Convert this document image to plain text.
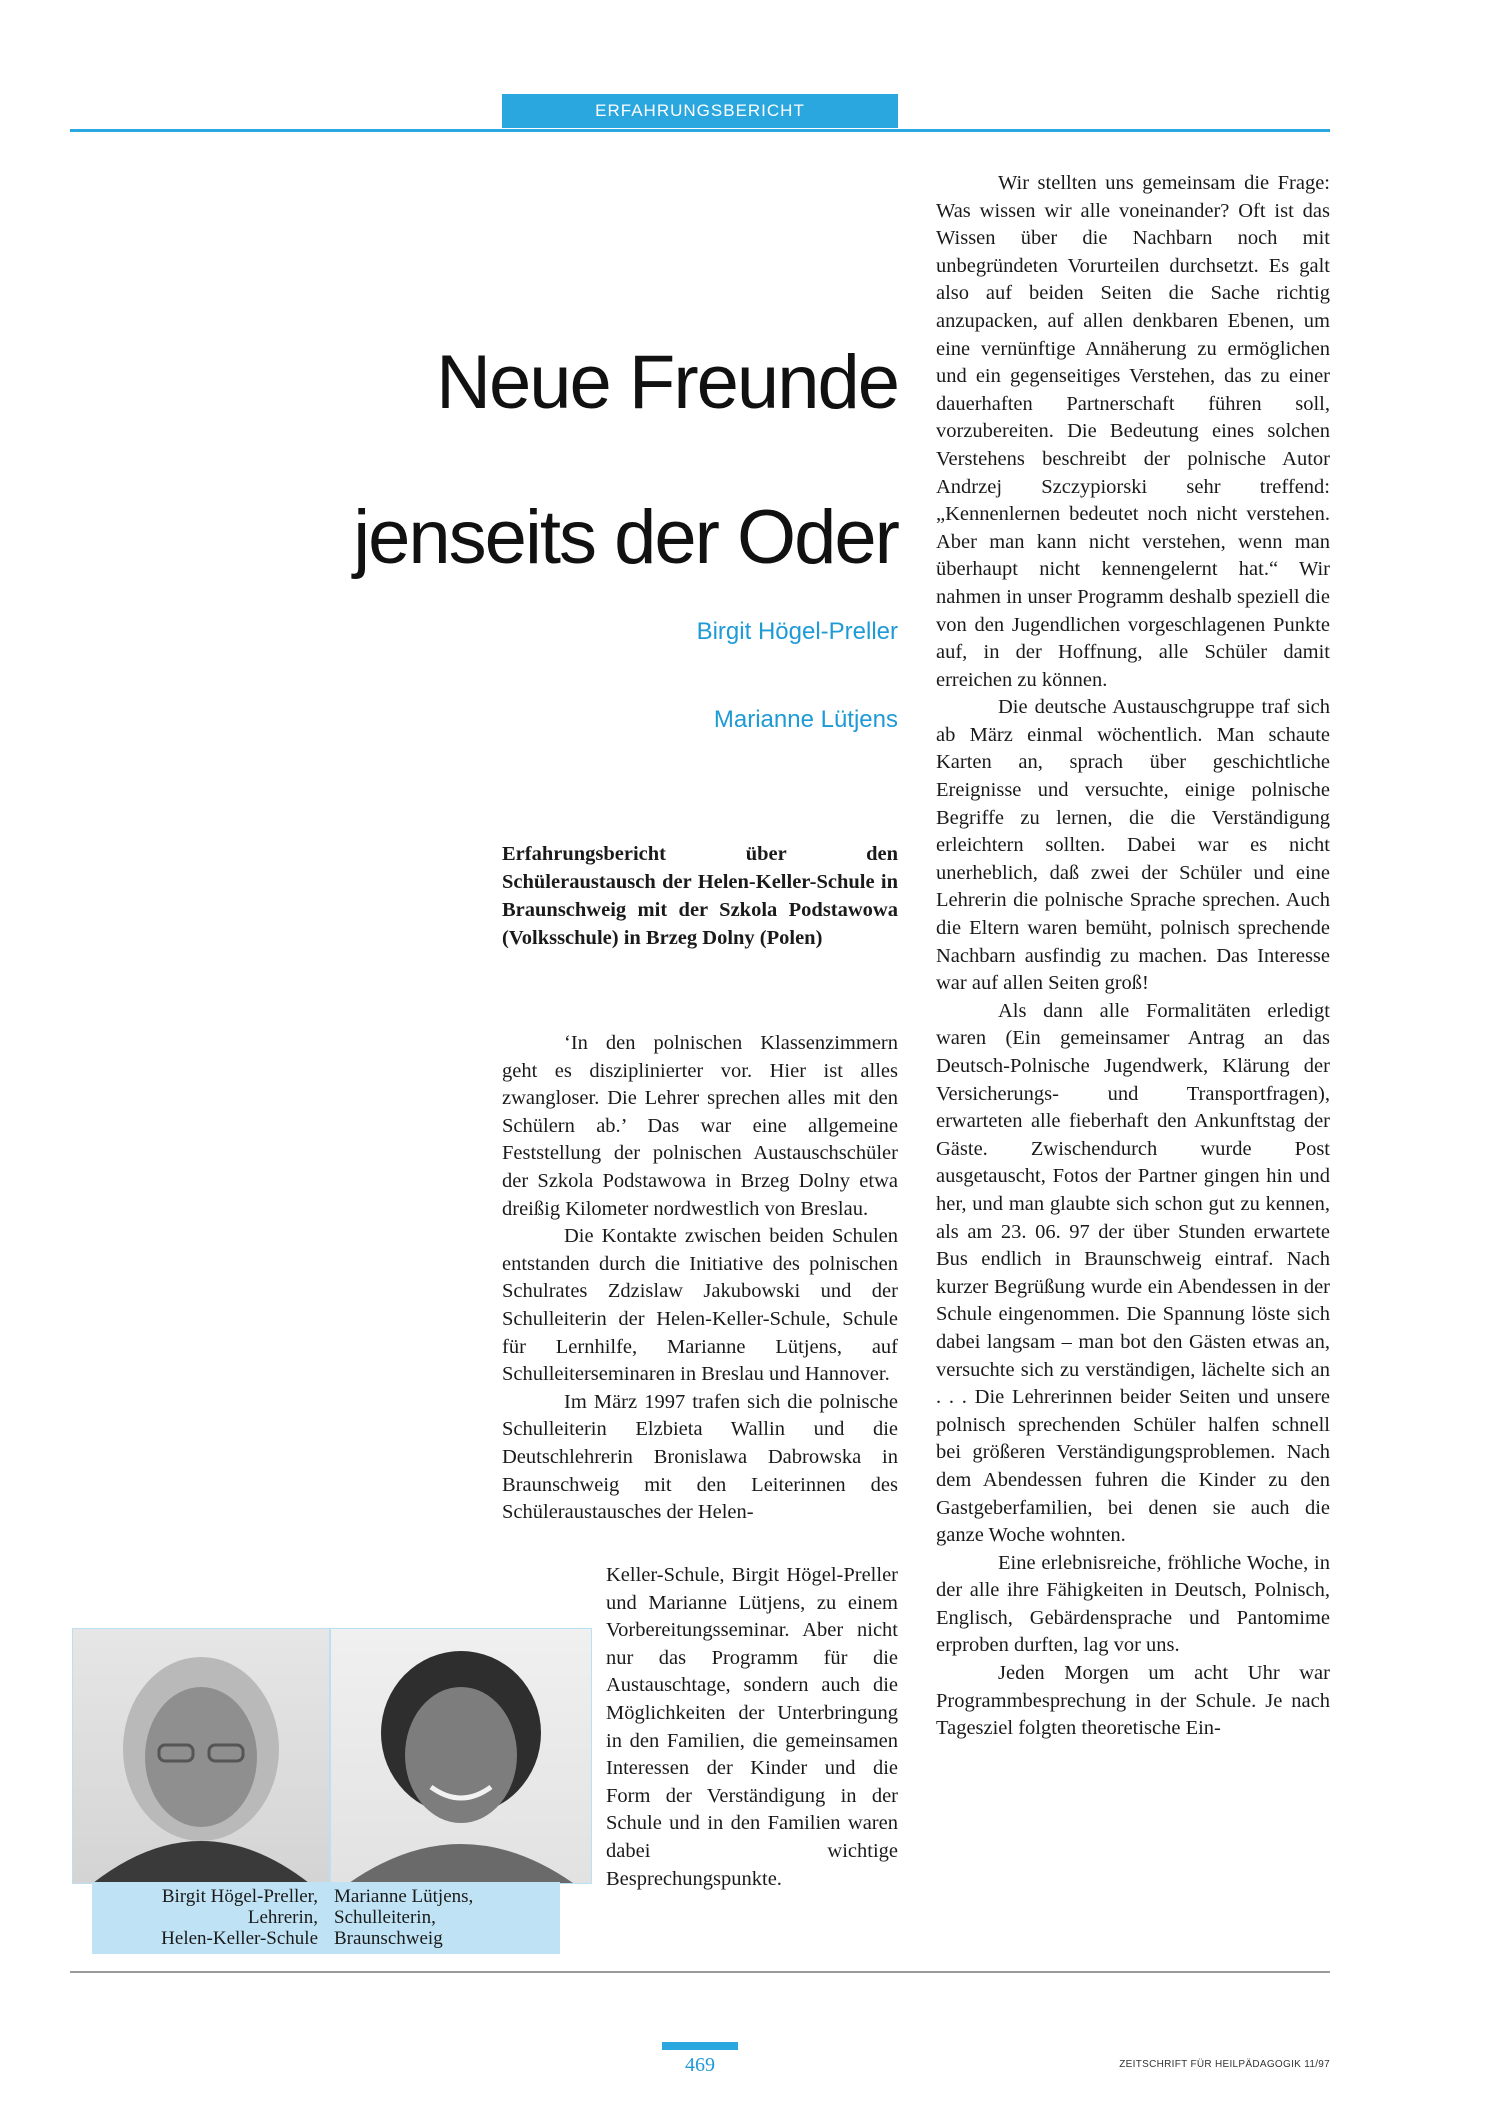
ERFAHRUNGSBERICHT
Neue Freunde
jenseits der Oder
Birgit Högel-Preller
Marianne Lütjens

Erfahrungsbericht über den Schüleraustausch der Helen-Keller-Schule in Braunschweig mit der Szkola Podstawowa (Volksschule) in Brzeg Dolny (Polen)

‘In den polnischen Klassenzimmern geht es disziplinierter vor. Hier ist alles zwangloser. Die Lehrer sprechen alles mit den Schülern ab.’ Das war eine allgemeine Feststellung der polnischen Austauschschüler der Szkola Podstawowa in Brzeg Dolny etwa dreißig Kilometer nordwestlich von Breslau.

Die Kontakte zwischen beiden Schulen entstanden durch die Initiative des polnischen Schulrates Zdzislaw Jakubowski und der Schulleiterin der Helen-Keller-Schule, Schule für Lernhilfe, Marianne Lütjens, auf Schulleiterseminaren in Breslau und Hannover.

Im März 1997 trafen sich die polnische Schulleiterin Elzbieta Wallin und die Deutschlehrerin Bronislawa Dabrowska in Braunschweig mit den Leiterinnen des Schüleraustausches der Helen-

Keller-Schule, Birgit Högel-Preller und Marianne Lütjens, zu einem Vorbereitungsseminar. Aber nicht nur das Programm für die Austauschtage, sondern auch die Möglichkeiten der Unterbringung in den Familien, die gemeinsamen Interessen der Kinder und die Form der Verständigung in der Schule und in den Familien waren dabei wichtige Besprechungspunkte.

Wir stellten uns gemeinsam die Frage: Was wissen wir alle voneinander? Oft ist das Wissen über die Nachbarn noch mit unbegründeten Vorurteilen durchsetzt. Es galt also auf beiden Seiten die Sache richtig anzupacken, auf allen denkbaren Ebenen, um eine vernünftige Annäherung zu ermöglichen und ein gegenseitiges Verstehen, das zu einer dauerhaften Partnerschaft führen soll, vorzubereiten. Die Bedeutung eines solchen Verstehens beschreibt der polnische Autor Andrzej Szczypiorski sehr treffend: „Kennenlernen bedeutet noch nicht verstehen. Aber man kann nicht verstehen, wenn man überhaupt nicht kennengelernt hat.“ Wir nahmen in unser Programm deshalb speziell die von den Jugendlichen vorgeschlagenen Punkte auf, in der Hoffnung, alle Schüler damit erreichen zu können.

Die deutsche Austauschgruppe traf sich ab März einmal wöchentlich. Man schaute Karten an, sprach über geschichtliche Ereignisse und versuchte, einige polnische Begriffe zu lernen, die die Verständigung erleichtern sollten. Dabei war es nicht unerheblich, daß zwei der Schüler und eine Lehrerin die polnische Sprache sprechen. Auch die Eltern waren bemüht, polnisch sprechende Nachbarn ausfindig zu machen. Das Interesse war auf allen Seiten groß!

Als dann alle Formalitäten erledigt waren (Ein gemeinsamer Antrag an das Deutsch-Polnische Jugendwerk, Klärung der Versicherungs- und Transportfragen), erwarteten alle fieberhaft den Ankunftstag der Gäste. Zwischendurch wurde Post ausgetauscht, Fotos der Partner gingen hin und her, und man glaubte sich schon gut zu kennen, als am 23. 06. 97 der über Stunden erwartete Bus endlich in Braunschweig eintraf. Nach kurzer Begrüßung wurde ein Abendessen in der Schule eingenommen. Die Spannung löste sich dabei langsam – man bot den Gästen etwas an, versuchte sich zu verständigen, lächelte sich an . . . Die Lehrerinnen beider Seiten und unsere polnisch sprechenden Schüler halfen schnell bei größeren Verständigungsproblemen. Nach dem Abendessen fuhren die Kinder zu den Gastgeberfamilien, bei denen sie auch die ganze Woche wohnten.

Eine erlebnisreiche, fröhliche Woche, in der alle ihre Fähigkeiten in Deutsch, Polnisch, Englisch, Gebärdensprache und Pantomime erproben durften, lag vor uns.

Jeden Morgen um acht Uhr war Programmbesprechung in der Schule. Je nach Tagesziel folgten theoretische Ein-

Birgit Högel-Preller,
Lehrerin,
Helen-Keller-Schule
Marianne Lütjens,
Schulleiterin,
Braunschweig
469	ZEITSCHRIFT FÜR HEILPÄDAGOGIK 11/97
